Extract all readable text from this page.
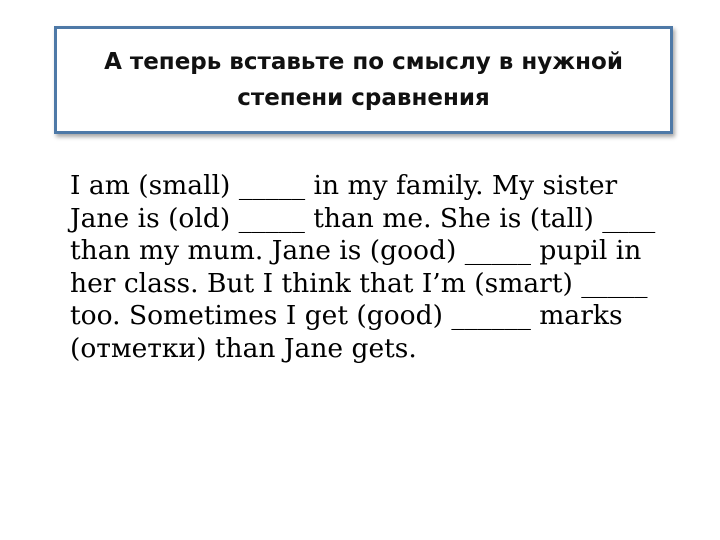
А теперь вставьте по смыслу в нужной
степени сравнения
I am (small) _____ in my family. My sister
Jane is (old) _____ than me. She is (tall) ____
than my mum. Jane is (good) _____ pupil in
her class. But I think that I’m (smart) _____
too. Sometimes I get (good) ______ marks
(отметки) than Jane gets.
